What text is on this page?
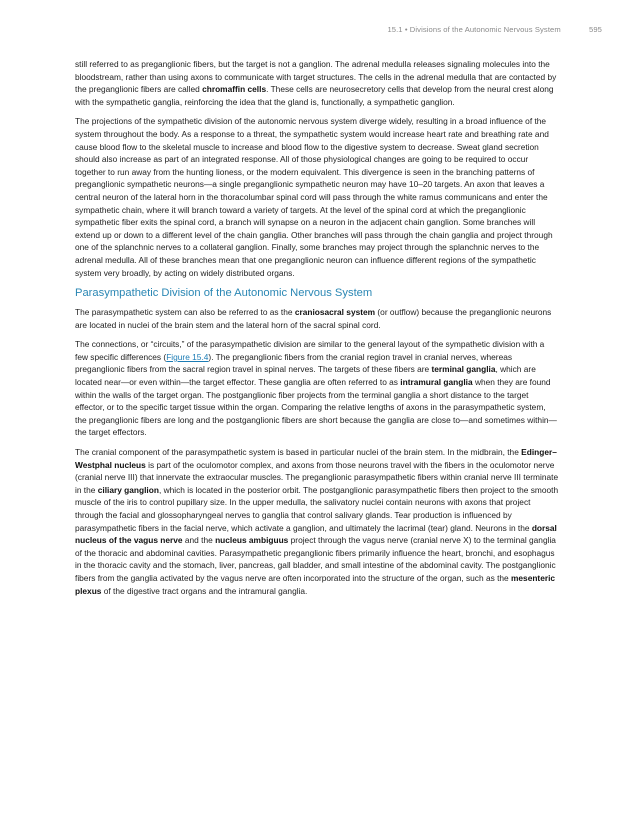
15.1 • Divisions of the Autonomic Nervous System	595

still referred to as preganglionic fibers, but the target is not a ganglion. The adrenal medulla releases signaling molecules into the bloodstream, rather than using axons to communicate with target structures. The cells in the adrenal medulla that are contacted by the preganglionic fibers are called chromaffin cells. These cells are neurosecretory cells that develop from the neural crest along with the sympathetic ganglia, reinforcing the idea that the gland is, functionally, a sympathetic ganglion.

The projections of the sympathetic division of the autonomic nervous system diverge widely, resulting in a broad influence of the system throughout the body. As a response to a threat, the sympathetic system would increase heart rate and breathing rate and cause blood flow to the skeletal muscle to increase and blood flow to the digestive system to decrease. Sweat gland secretion should also increase as part of an integrated response. All of those physiological changes are going to be required to occur together to run away from the hunting lioness, or the modern equivalent. This divergence is seen in the branching patterns of preganglionic sympathetic neurons—a single preganglionic sympathetic neuron may have 10–20 targets. An axon that leaves a central neuron of the lateral horn in the thoracolumbar spinal cord will pass through the white ramus communicans and enter the sympathetic chain, where it will branch toward a variety of targets. At the level of the spinal cord at which the preganglionic sympathetic fiber exits the spinal cord, a branch will synapse on a neuron in the adjacent chain ganglion. Some branches will extend up or down to a different level of the chain ganglia. Other branches will pass through the chain ganglia and project through one of the splanchnic nerves to a collateral ganglion. Finally, some branches may project through the splanchnic nerves to the adrenal medulla. All of these branches mean that one preganglionic neuron can influence different regions of the sympathetic system very broadly, by acting on widely distributed organs.

Parasympathetic Division of the Autonomic Nervous System

The parasympathetic system can also be referred to as the craniosacral system (or outflow) because the preganglionic neurons are located in nuclei of the brain stem and the lateral horn of the sacral spinal cord.

The connections, or “circuits,” of the parasympathetic division are similar to the general layout of the sympathetic division with a few specific differences (Figure 15.4). The preganglionic fibers from the cranial region travel in cranial nerves, whereas preganglionic fibers from the sacral region travel in spinal nerves. The targets of these fibers are terminal ganglia, which are located near—or even within—the target effector. These ganglia are often referred to as intramural ganglia when they are found within the walls of the target organ. The postganglionic fiber projects from the terminal ganglia a short distance to the target effector, or to the specific target tissue within the organ. Comparing the relative lengths of axons in the parasympathetic system, the preganglionic fibers are long and the postganglionic fibers are short because the ganglia are close to—and sometimes within—the target effectors.

The cranial component of the parasympathetic system is based in particular nuclei of the brain stem. In the midbrain, the Edinger–Westphal nucleus is part of the oculomotor complex, and axons from those neurons travel with the fibers in the oculomotor nerve (cranial nerve III) that innervate the extraocular muscles. The preganglionic parasympathetic fibers within cranial nerve III terminate in the ciliary ganglion, which is located in the posterior orbit. The postganglionic parasympathetic fibers then project to the smooth muscle of the iris to control pupillary size. In the upper medulla, the salivatory nuclei contain neurons with axons that project through the facial and glossopharyngeal nerves to ganglia that control salivary glands. Tear production is influenced by parasympathetic fibers in the facial nerve, which activate a ganglion, and ultimately the lacrimal (tear) gland. Neurons in the dorsal nucleus of the vagus nerve and the nucleus ambiguus project through the vagus nerve (cranial nerve X) to the terminal ganglia of the thoracic and abdominal cavities. Parasympathetic preganglionic fibers primarily influence the heart, bronchi, and esophagus in the thoracic cavity and the stomach, liver, pancreas, gall bladder, and small intestine of the abdominal cavity. The postganglionic fibers from the ganglia activated by the vagus nerve are often incorporated into the structure of the organ, such as the mesenteric plexus of the digestive tract organs and the intramural ganglia.
